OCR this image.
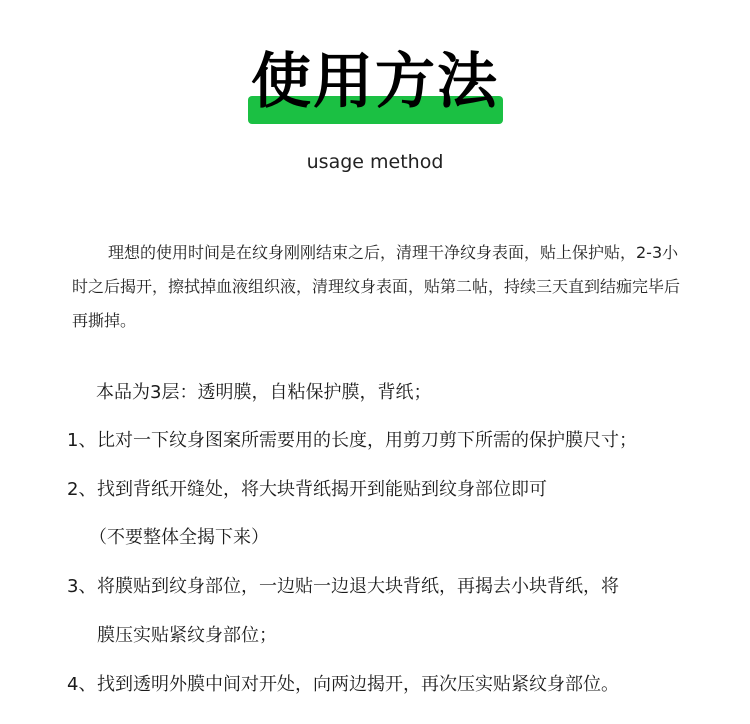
使用方法
usage method

理想的使用时间是在纹身刚刚结束之后，清理干净纹身表面，贴上保护贴，2-3小时之后揭开，擦拭掉血液组织液，清理纹身表面，贴第二帖，持续三天直到结痂完毕后再撕掉。

本品为3层：透明膜，自粘保护膜，背纸；
1、比对一下纹身图案所需要用的长度，用剪刀剪下所需的保护膜尺寸；
2、找到背纸开缝处，将大块背纸揭开到能贴到纹身部位即可
（不要整体全揭下来）
3、将膜贴到纹身部位，一边贴一边退大块背纸，再揭去小块背纸，将
膜压实贴紧纹身部位；
4、找到透明外膜中间对开处，向两边揭开，再次压实贴紧纹身部位。
